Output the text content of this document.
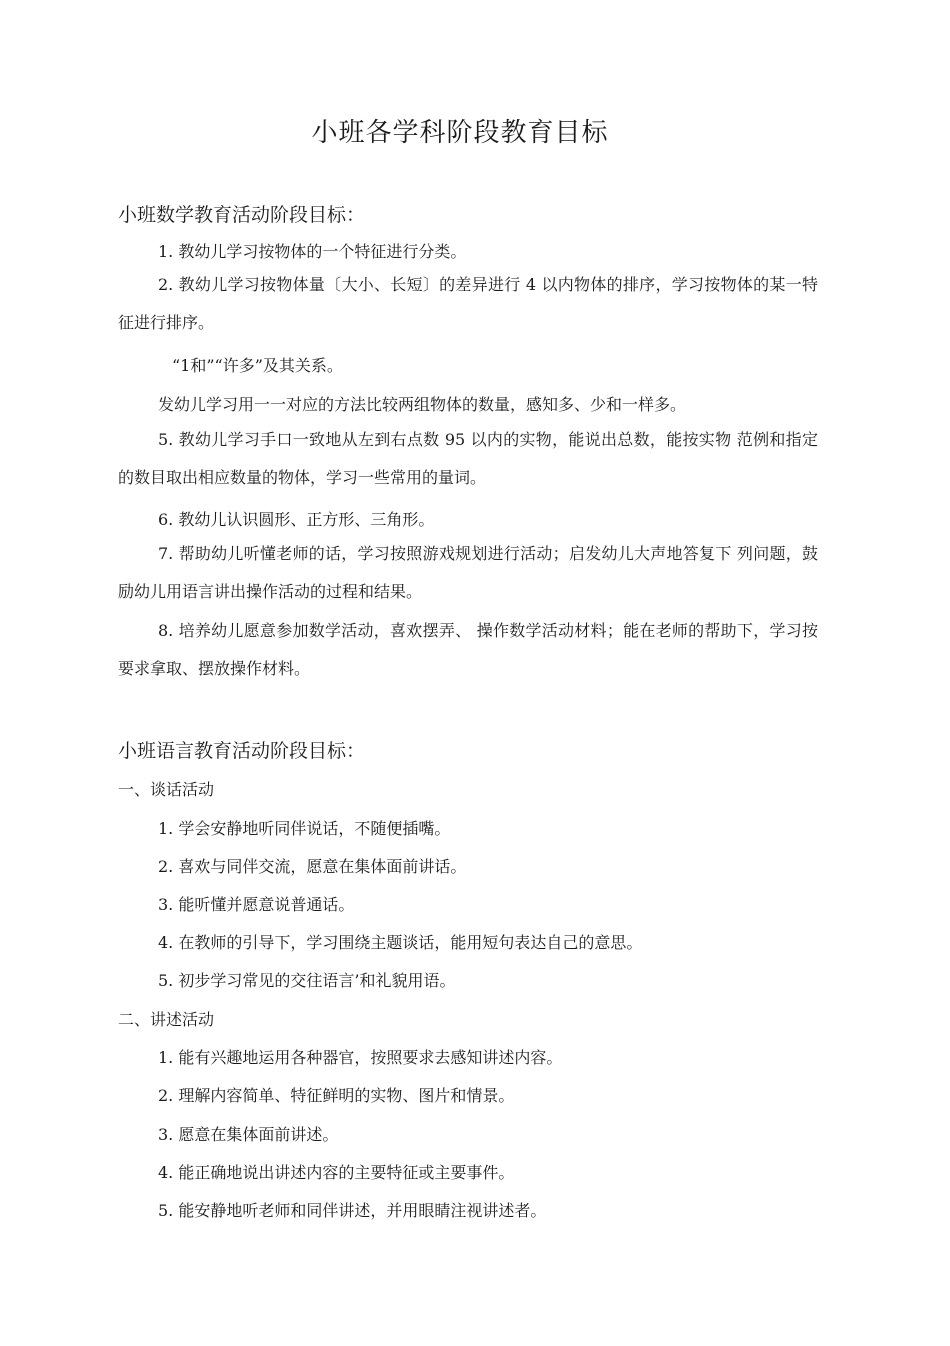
小班各学科阶段教育目标
小班数学教育活动阶段目标：
1. 教幼儿学习按物体的一个特征进行分类。
2. 教幼儿学习按物体量〔大小、长短〕的差异进行 4 以内物体的排序，学习按物体的某一特征进行排序。
“1和”“许多”及其关系。
发幼儿学习用一一对应的方法比较两组物体的数量，感知多、少和一样多。
5. 教幼儿学习手口一致地从左到右点数 95 以内的实物，能说出总数，能按实物 范例和指定的数目取出相应数量的物体，学习一些常用的量词。
6. 教幼儿认识圆形、正方形、三角形。
7. 帮助幼儿听懂老师的话，学习按照游戏规划进行活动；启发幼儿大声地答复下 列问题，鼓励幼儿用语言讲出操作活动的过程和结果。
8. 培养幼儿愿意参加数学活动，喜欢摆弄、 操作数学活动材料；能在老师的帮助下，学习按要求拿取、摆放操作材料。
小班语言教育活动阶段目标：
一、谈话活动
1. 学会安静地听同伴说话，不随便插嘴。
2. 喜欢与同伴交流，愿意在集体面前讲话。
3. 能听懂并愿意说普通话。
4. 在教师的引导下，学习围绕主题谈话，能用短句表达自己的意思。
5. 初步学习常见的交往语言’和礼貌用语。
二、讲述活动
1. 能有兴趣地运用各种器官，按照要求去感知讲述内容。
2. 理解内容简单、特征鲜明的实物、图片和情景。
3. 愿意在集体面前讲述。
4. 能正确地说出讲述内容的主要特征或主要事件。
5. 能安静地听老师和同伴讲述，并用眼睛注视讲述者。
